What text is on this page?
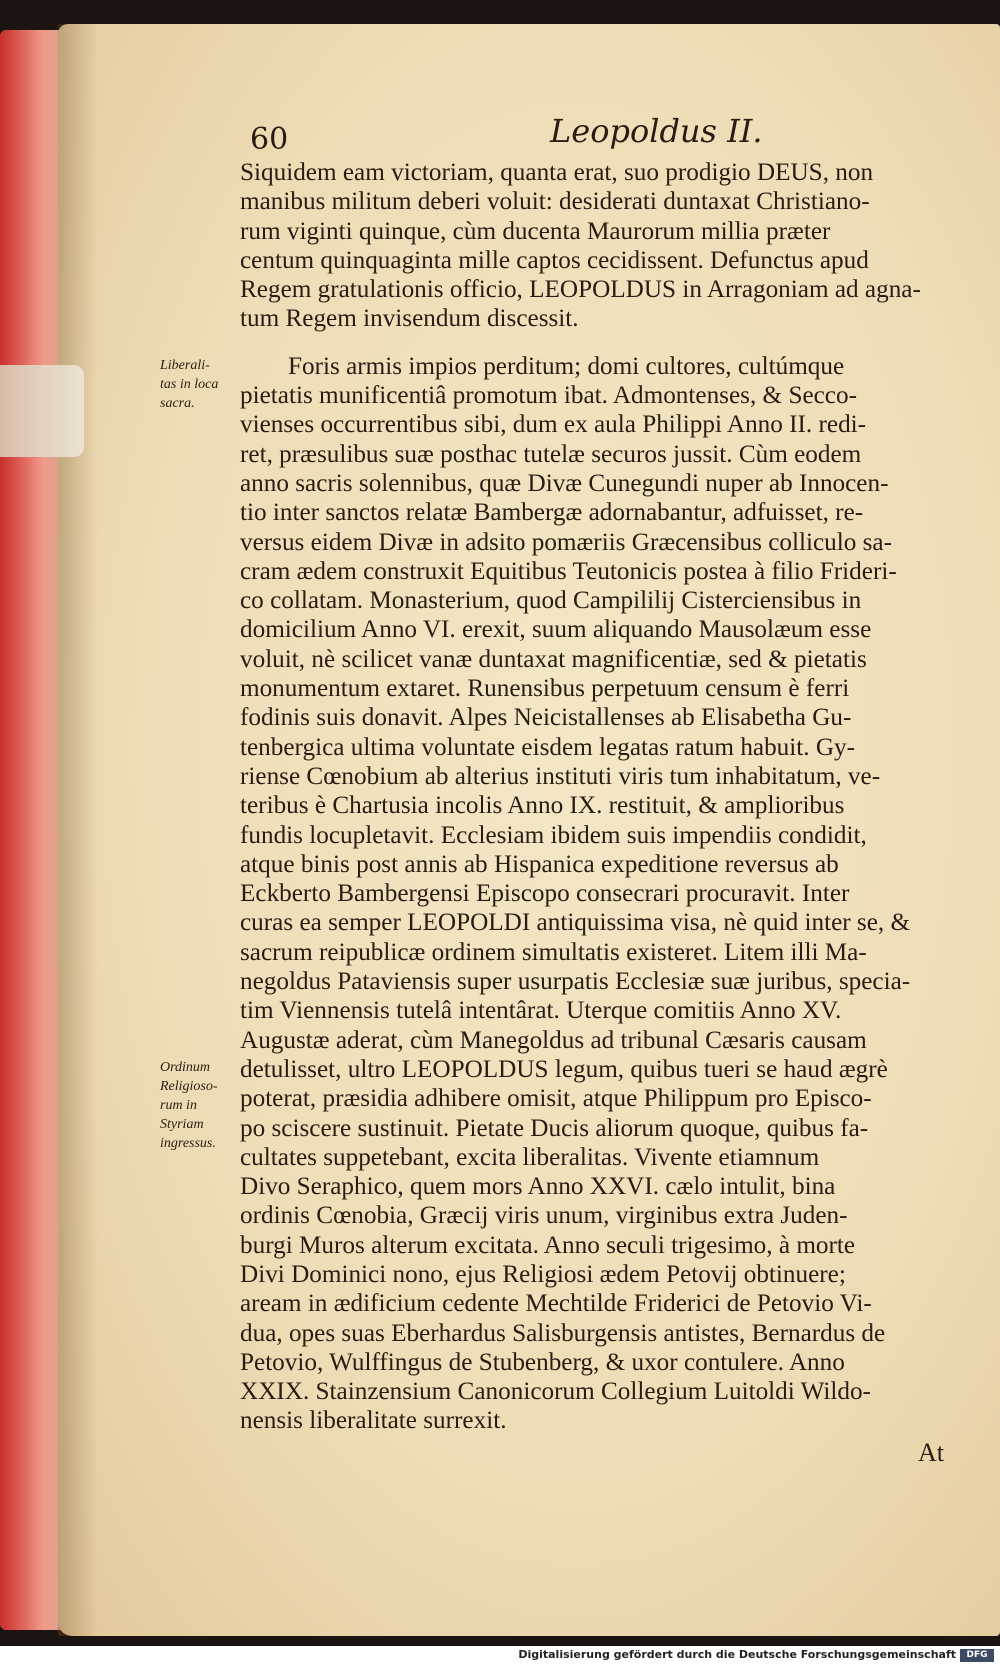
60	Leopoldus II.
Liberali-
tas in loca
sacra.
Ordinum
Religioso-
rum in
Styriam
ingressus.
Siquidem eam victoriam, quanta erat, suo prodigio DEUS, non
manibus militum deberi voluit: desiderati duntaxat Christiano-
rum viginti quinque, cùm ducenta Maurorum millia præter
centum quinquaginta mille captos cecidissent. Defunctus apud
Regem gratulationis officio, LEOPOLDUS in Arragoniam ad agna-
tum Regem invisendum discessit.
Foris armis impios perditum; domi cultores, cultúmque
pietatis munificentiâ promotum ibat. Admontenses, & Secco-
vienses occurrentibus sibi, dum ex aula Philippi Anno II. redi-
ret, præsulibus suæ posthac tutelæ securos jussit. Cùm eodem
anno sacris solennibus, quæ Divæ Cunegundi nuper ab Innocen-
tio inter sanctos relatæ Bambergæ adornabantur, adfuisset, re-
versus eidem Divæ in adsito pomæriis Græcensibus colliculo sa-
cram ædem construxit Equitibus Teutonicis postea à filio Frideri-
co collatam. Monasterium, quod Campililij Cisterciensibus in
domicilium Anno VI. erexit, suum aliquando Mausolæum esse
voluit, nè scilicet vanæ duntaxat magnificentiæ, sed & pietatis
monumentum extaret. Runensibus perpetuum censum è ferri
fodinis suis donavit. Alpes Neicistallenses ab Elisabetha Gu-
tenbergica ultima voluntate eisdem legatas ratum habuit. Gy-
riense Cœnobium ab alterius instituti viris tum inhabitatum, ve-
teribus è Chartusia incolis Anno IX. restituit, & amplioribus
fundis locupletavit. Ecclesiam ibidem suis impendiis condidit,
atque binis post annis ab Hispanica expeditione reversus ab
Eckberto Bambergensi Episcopo consecrari procuravit. Inter
curas ea semper LEOPOLDI antiquissima visa, nè quid inter se, &
sacrum reipublicæ ordinem simultatis existeret. Litem illi Ma-
negoldus Pataviensis super usurpatis Ecclesiæ suæ juribus, specia-
tim Viennensis tutelâ intentârat. Uterque comitiis Anno XV.
Augustæ aderat, cùm Manegoldus ad tribunal Cæsaris causam
detulisset, ultro LEOPOLDUS legum, quibus tueri se haud ægrè
poterat, præsidia adhibere omisit, atque Philippum pro Episco-
po sciscere sustinuit. Pietate Ducis aliorum quoque, quibus fa-
cultates suppetebant, excita liberalitas. Vivente etiamnum
Divo Seraphico, quem mors Anno XXVI. cælo intulit, bina
ordinis Cœnobia, Græcij viris unum, virginibus extra Juden-
burgi Muros alterum excitata. Anno seculi trigesimo, à morte
Divi Dominici nono, ejus Religiosi ædem Petovij obtinuere;
aream in ædificium cedente Mechtilde Friderici de Petovio Vi-
dua, opes suas Eberhardus Salisburgensis antistes, Bernardus de
Petovio, Wulffingus de Stubenberg, & uxor contulere. Anno
XXIX. Stainzensium Canonicorum Collegium Luitoldi Wildo-
nensis liberalitate surrexit.
At
Digitalisierung gefördert durch die Deutsche Forschungsgemeinschaft	DFG
